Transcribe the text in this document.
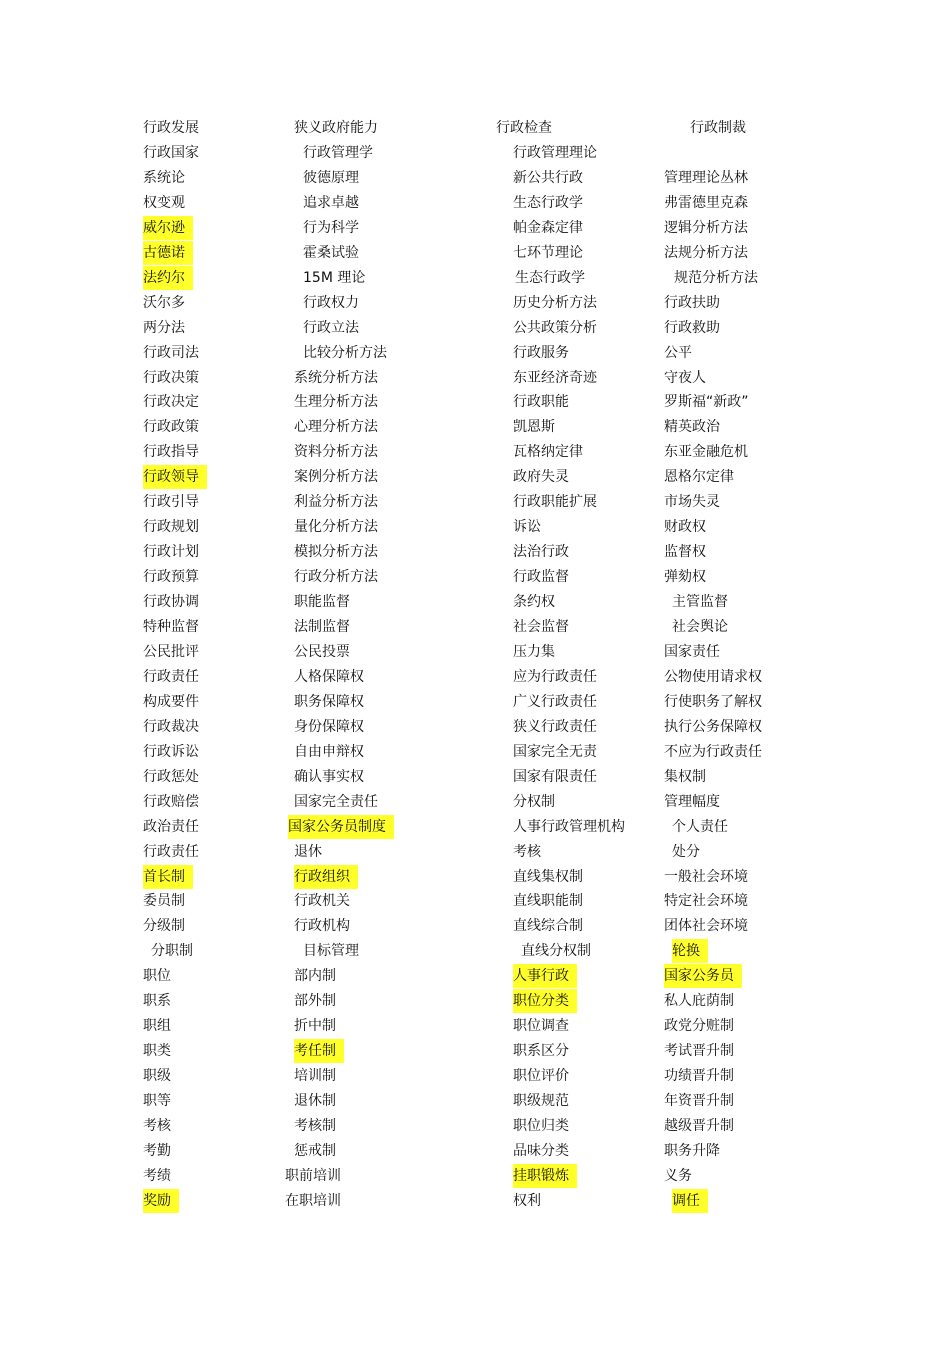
行政发展	狭义政府能力	行政检查	行政制裁
行政国家	行政管理学	行政管理理论
系统论	彼德原理	新公共行政	管理理论丛林
权变观	追求卓越	生态行政学	弗雷德里克森
威尔逊	行为科学	帕金森定律	逻辑分析方法
古德诺	霍桑试验	七环节理论	法规分析方法
法约尔	15M 理论	生态行政学	规范分析方法
沃尔多	行政权力	历史分析方法	行政扶助
两分法	行政立法	公共政策分析	行政救助
行政司法	比较分析方法	行政服务	公平
行政决策	系统分析方法	东亚经济奇迹	守夜人
行政决定	生理分析方法	行政职能	罗斯福“新政”
行政政策	心理分析方法	凯恩斯	精英政治
行政指导	资料分析方法	瓦格纳定律	东亚金融危机
行政领导	案例分析方法	政府失灵	恩格尔定律
行政引导	利益分析方法	行政职能扩展	市场失灵
行政规划	量化分析方法	诉讼	财政权
行政计划	模拟分析方法	法治行政	监督权
行政预算	行政分析方法	行政监督	弹劾权
行政协调	职能监督	条约权	主管监督
特种监督	法制监督	社会监督	社会舆论
公民批评	公民投票	压力集	国家责任
行政责任	人格保障权	应为行政责任	公物使用请求权
构成要件	职务保障权	广义行政责任	行使职务了解权
行政裁决	身份保障权	狭义行政责任	执行公务保障权
行政诉讼	自由申辩权	国家完全无责	不应为行政责任
行政惩处	确认事实权	国家有限责任	集权制
行政赔偿	国家完全责任	分权制	管理幅度
政治责任	国家公务员制度	人事行政管理机构	个人责任
行政责任	退休	考核	处分
首长制	行政组织	直线集权制	一般社会环境
委员制	行政机关	直线职能制	特定社会环境
分级制	行政机构	直线综合制	团体社会环境
分职制	目标管理	直线分权制	轮换
职位	部内制	人事行政	国家公务员
职系	部外制	职位分类	私人庇荫制
职组	折中制	职位调查	政党分赃制
职类	考任制	职系区分	考试晋升制
职级	培训制	职位评价	功绩晋升制
职等	退休制	职级规范	年资晋升制
考核	考核制	职位归类	越级晋升制
考勤	惩戒制	品味分类	职务升降
考绩	职前培训	挂职锻炼	义务
奖励	在职培训	权利	调任
